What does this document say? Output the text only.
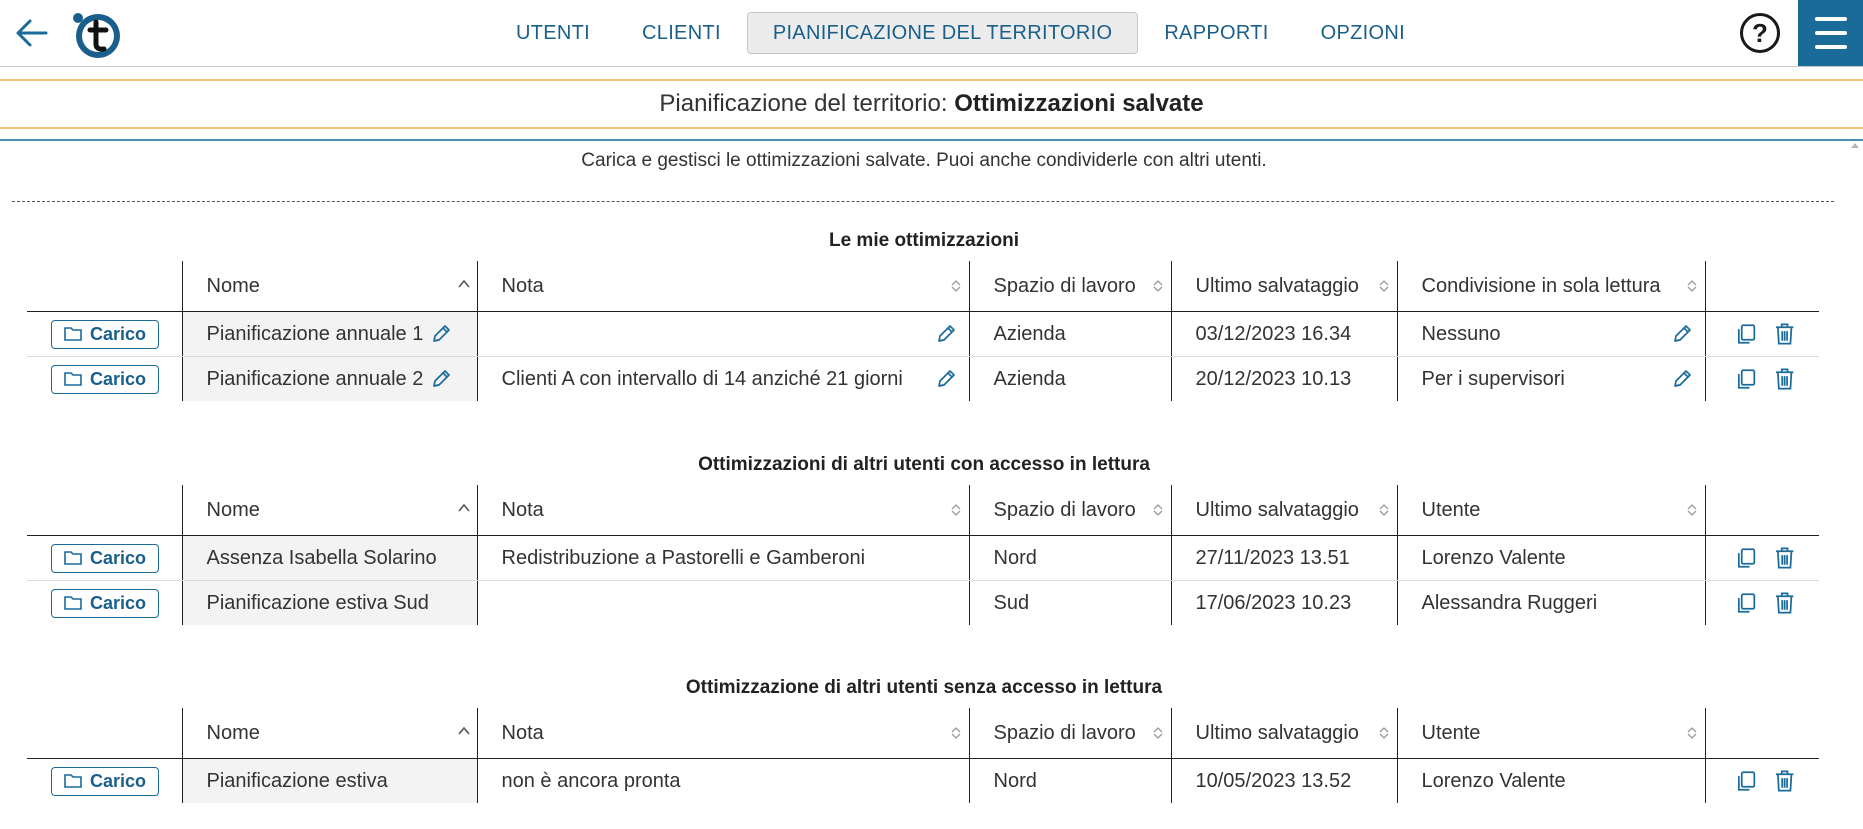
UTENTI	CLIENTI	PIANIFICAZIONE DEL TERRITORIO	RAPPORTI	OPZIONI	?
Pianificazione del territorio: Ottimizzazioni salvate
Carica e gestisci le ottimizzazioni salvate. Puoi anche condividerle con altri utenti.
Le mie ottimizzazioni
	Nome	Nota	Spazio di lavoro	Ultimo salvataggio	Condivisione in sola lettura

Carico	Pianificazione annuale 1		Azienda	03/12/2023 16.34	Nessuno

Carico	Pianificazione annuale 2	Clienti A con intervallo di 14 anziché 21 giorni	Azienda	20/12/2023 10.13	Per i supervisori

Ottimizzazioni di altri utenti con accesso in lettura
	Nome	Nota	Spazio di lavoro	Ultimo salvataggio	Utente

Carico	Assenza Isabella Solarino	Redistribuzione a Pastorelli e Gamberoni	Nord	27/11/2023 13.51	Lorenzo Valente	

Carico	Pianificazione estiva Sud		Sud	17/06/2023 10.23	Alessandra Ruggeri	
Ottimizzazione di altri utenti senza accesso in lettura
	Nome	Nota	Spazio di lavoro	Ultimo salvataggio	Utente

Carico	Pianificazione estiva	non è ancora pronta	Nord	10/05/2023 13.52	Lorenzo Valente	
